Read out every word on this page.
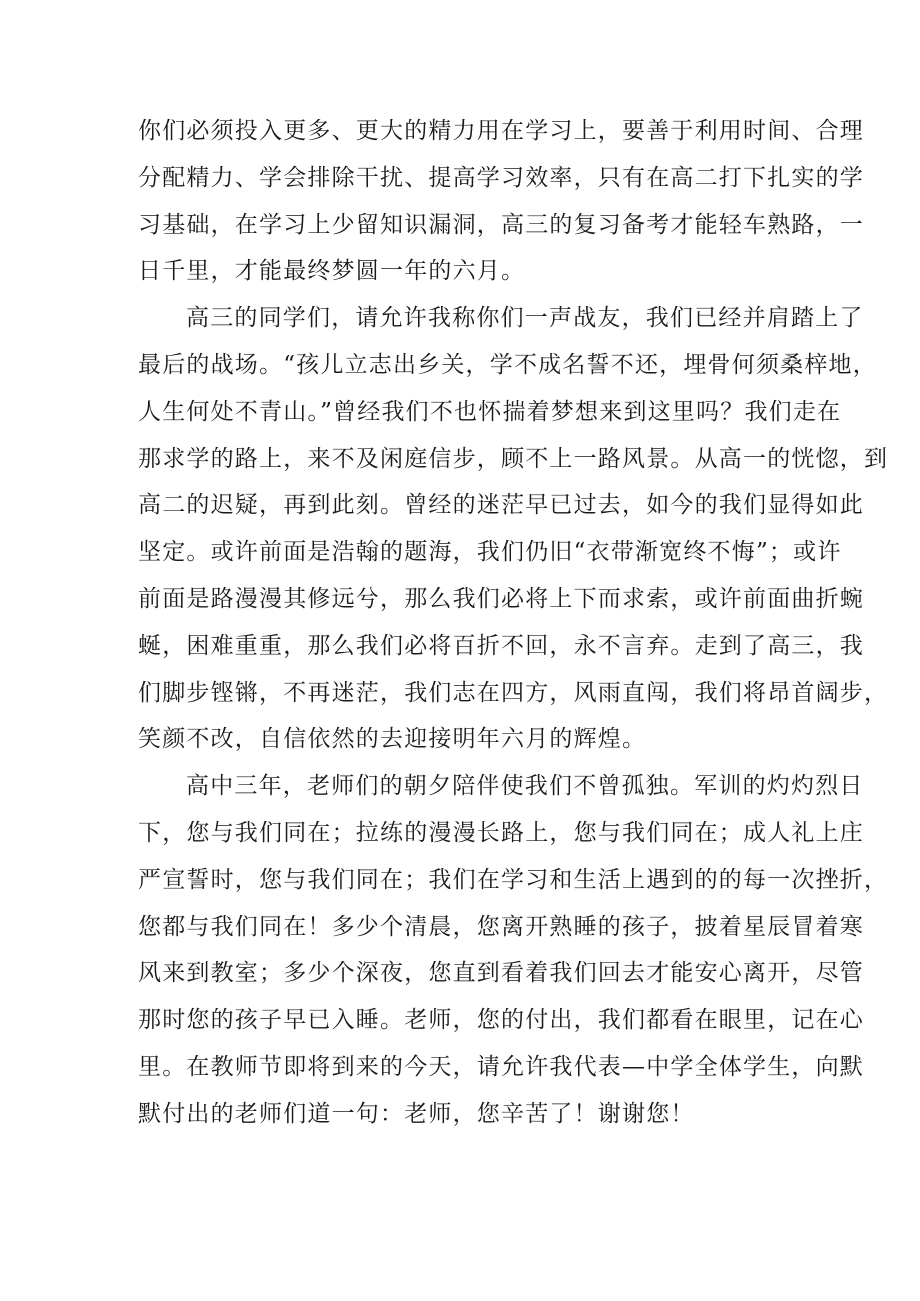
你们必须投入更多、更大的精力用在学习上，要善于利用时间、合理
分配精力、学会排除干扰、提高学习效率，只有在高二打下扎实的学
习基础，在学习上少留知识漏洞，高三的复习备考才能轻车熟路，一
日千里，才能最终梦圆一年的六月。
高三的同学们，请允许我称你们一声战友，我们已经并肩踏上了
最后的战场。“孩儿立志出乡关，学不成名誓不还，埋骨何须桑梓地，
人生何处不青山。”曾经我们不也怀揣着梦想来到这里吗？我们走在
那求学的路上，来不及闲庭信步，顾不上一路风景。从高一的恍惚，到
高二的迟疑，再到此刻。曾经的迷茫早已过去，如今的我们显得如此
坚定。或许前面是浩翰的题海，我们仍旧“衣带渐宽终不悔”；或许
前面是路漫漫其修远兮，那么我们必将上下而求索，或许前面曲折蜿
蜒，困难重重，那么我们必将百折不回，永不言弃。走到了高三，我
们脚步铿锵，不再迷茫，我们志在四方，风雨直闯，我们将昂首阔步，
笑颜不改，自信依然的去迎接明年六月的辉煌。
高中三年，老师们的朝夕陪伴使我们不曾孤独。军训的灼灼烈日
下，您与我们同在；拉练的漫漫长路上，您与我们同在；成人礼上庄
严宣誓时，您与我们同在；我们在学习和生活上遇到的的每一次挫折，
您都与我们同在！多少个清晨，您离开熟睡的孩子，披着星辰冒着寒
风来到教室；多少个深夜，您直到看着我们回去才能安心离开，尽管
那时您的孩子早已入睡。老师，您的付出，我们都看在眼里，记在心
里。在教师节即将到来的今天，请允许我代表—中学全体学生，向默
默付出的老师们道一句：老师，您辛苦了！谢谢您！
